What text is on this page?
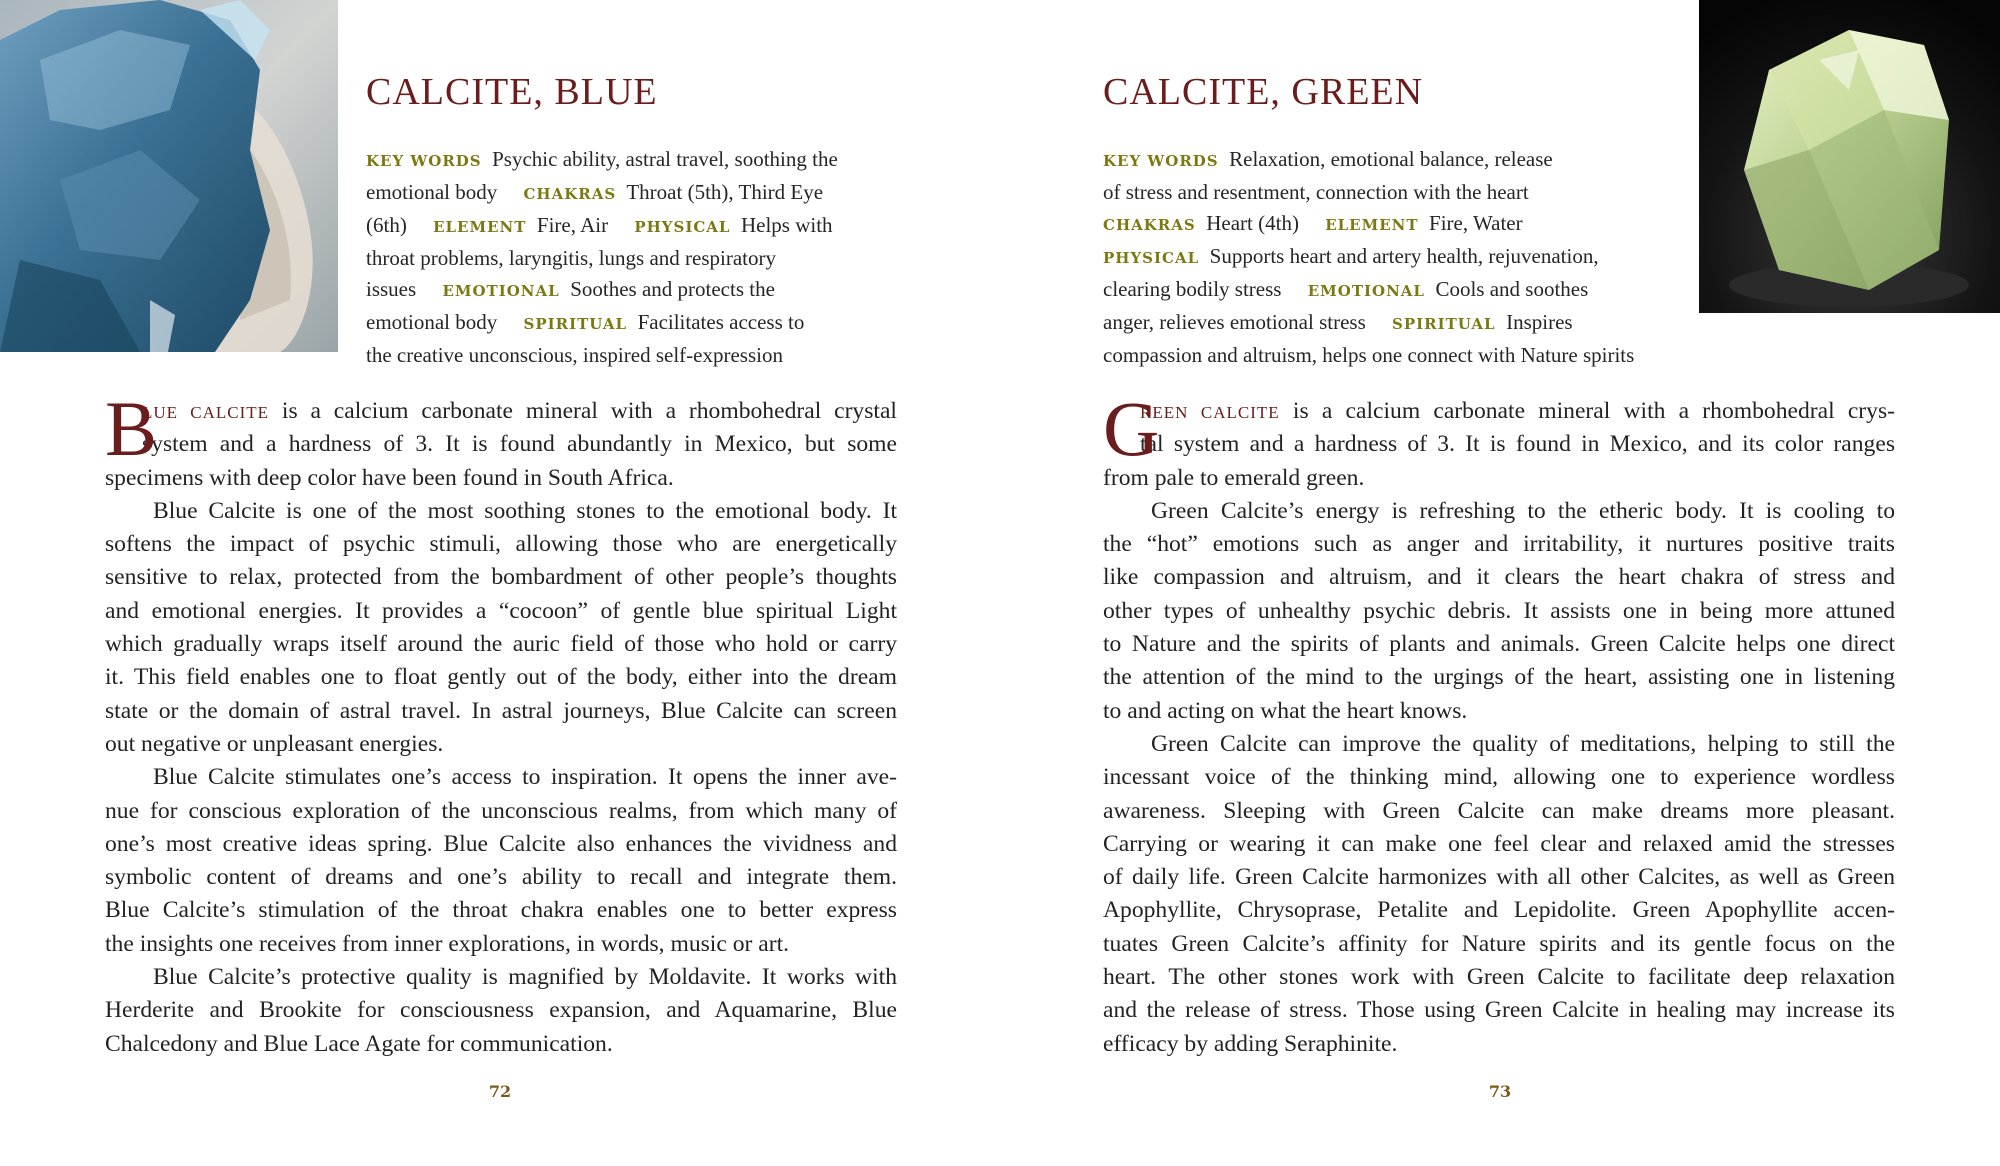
CALCITE, BLUE
KEY WORDS Psychic ability, astral travel, soothing the
emotional body CHAKRAS Throat (5th), Third Eye
(6th) ELEMENT Fire, Air PHYSICAL Helps with
throat problems, laryngitis, lungs and respiratory
issues EMOTIONAL Soothes and protects the
emotional body SPIRITUAL Facilitates access to
the creative unconscious, inspired self-expression
B
LUE CALCITE is a calcium carbonate mineral with a rhombohedral crystal
system and a hardness of 3. It is found abundantly in Mexico, but some
specimens with deep color have been found in South Africa.
Blue Calcite is one of the most soothing stones to the emotional body. It
softens the impact of psychic stimuli, allowing those who are energetically
sensitive to relax, protected from the bombardment of other people’s thoughts
and emotional energies. It provides a “cocoon” of gentle blue spiritual Light
which gradually wraps itself around the auric field of those who hold or carry
it. This field enables one to float gently out of the body, either into the dream
state or the domain of astral travel. In astral journeys, Blue Calcite can screen
out negative or unpleasant energies.
Blue Calcite stimulates one’s access to inspiration. It opens the inner ave-
nue for conscious exploration of the unconscious realms, from which many of
one’s most creative ideas spring. Blue Calcite also enhances the vividness and
symbolic content of dreams and one’s ability to recall and integrate them.
Blue Calcite’s stimulation of the throat chakra enables one to better express
the insights one receives from inner explorations, in words, music or art.
Blue Calcite’s protective quality is magnified by Moldavite. It works with
Herderite and Brookite for consciousness expansion, and Aquamarine, Blue
Chalcedony and Blue Lace Agate for communication.
72
CALCITE, GREEN
KEY WORDS Relaxation, emotional balance, release
of stress and resentment, connection with the heart
CHAKRAS Heart (4th) ELEMENT Fire, Water
PHYSICAL Supports heart and artery health, rejuvenation,
clearing bodily stress EMOTIONAL Cools and soothes
anger, relieves emotional stress SPIRITUAL Inspires
compassion and altruism, helps one connect with Nature spirits
G
REEN CALCITE is a calcium carbonate mineral with a rhombohedral crys-
tal system and a hardness of 3. It is found in Mexico, and its color ranges
from pale to emerald green.
Green Calcite’s energy is refreshing to the etheric body. It is cooling to
the “hot” emotions such as anger and irritability, it nurtures positive traits
like compassion and altruism, and it clears the heart chakra of stress and
other types of unhealthy psychic debris. It assists one in being more attuned
to Nature and the spirits of plants and animals. Green Calcite helps one direct
the attention of the mind to the urgings of the heart, assisting one in listening
to and acting on what the heart knows.
Green Calcite can improve the quality of meditations, helping to still the
incessant voice of the thinking mind, allowing one to experience wordless
awareness. Sleeping with Green Calcite can make dreams more pleasant.
Carrying or wearing it can make one feel clear and relaxed amid the stresses
of daily life. Green Calcite harmonizes with all other Calcites, as well as Green
Apophyllite, Chrysoprase, Petalite and Lepidolite. Green Apophyllite accen-
tuates Green Calcite’s affinity for Nature spirits and its gentle focus on the
heart. The other stones work with Green Calcite to facilitate deep relaxation
and the release of stress. Those using Green Calcite in healing may increase its
efficacy by adding Seraphinite.
73
